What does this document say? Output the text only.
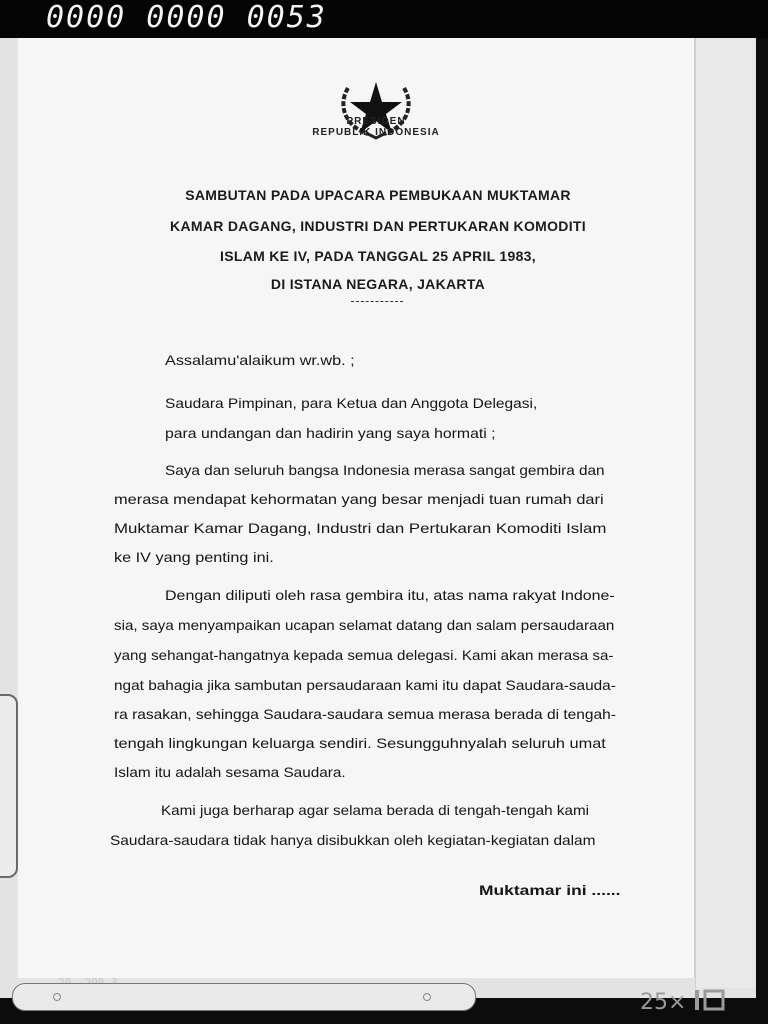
0000 0000 0053
PRESIDEN
REPUBLIK INDONESIA
SAMBUTAN PADA UPACARA PEMBUKAAN MUKTAMAR
KAMAR DAGANG, INDUSTRI DAN PERTUKARAN KOMODITI
ISLAM KE IV, PADA TANGGAL 25 APRIL 1983,
DI ISTANA NEGARA, JAKARTA
Assalamu'alaikum wr.wb. ;
Saudara Pimpinan, para Ketua dan Anggota Delegasi,
para undangan dan hadirin yang saya hormati ;
Saya dan seluruh bangsa Indonesia merasa sangat gembira dan
merasa mendapat kehormatan yang besar menjadi tuan rumah dari
Muktamar Kamar Dagang, Industri dan Pertukaran Komoditi Islam
ke IV yang penting ini.
Dengan diliputi oleh rasa gembira itu, atas nama rakyat Indone-
sia, saya menyampaikan ucapan selamat datang dan salam persaudaraan
yang sehangat-hangatnya kepada semua delegasi. Kami akan merasa sa-
ngat bahagia jika sambutan persaudaraan kami itu dapat Saudara-sauda-
ra rasakan, sehingga Saudara-saudara semua merasa berada di tengah-
tengah lingkungan keluarga sendiri. Sesungguhnyalah seluruh umat
Islam itu adalah sesama Saudara.
Kami juga berharap agar selama berada di tengah-tengah kami
Saudara-saudara tidak hanya disibukkan oleh kegiatan-kegiatan dalam
Muktamar ini ......
25×
